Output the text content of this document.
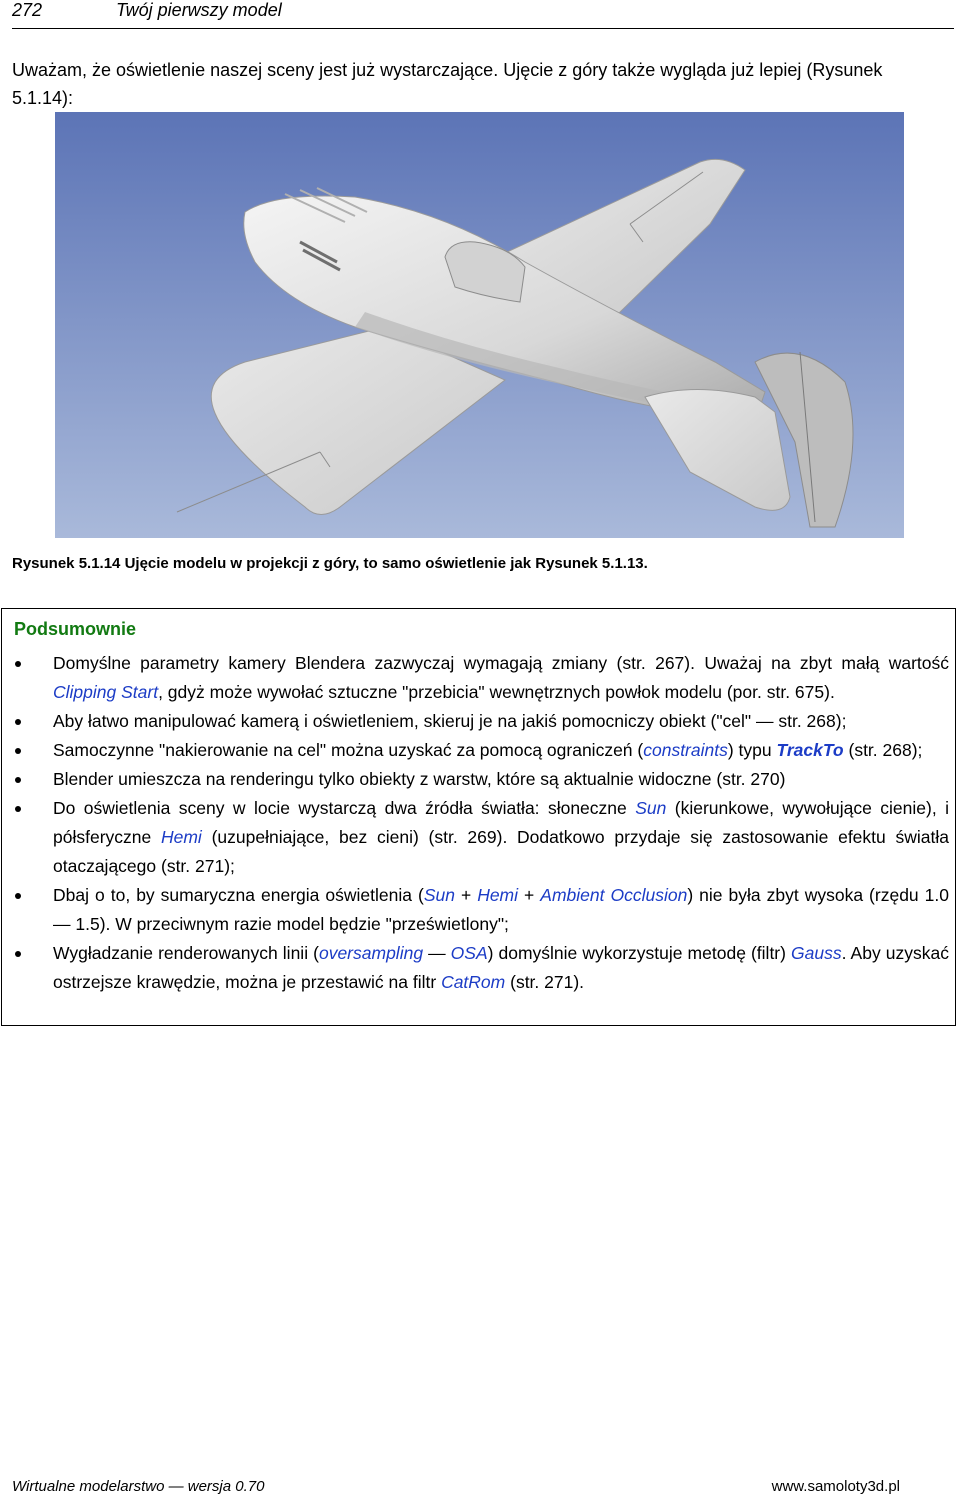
272	Twój pierwszy model

Uważam, że oświetlenie naszej sceny jest już wystarczające. Ujęcie z góry także wygląda już lepiej (Rysunek 5.1.14):

Rysunek 5.1.14 Ujęcie modelu w projekcji z góry, to samo oświetlenie jak Rysunek 5.1.13.
Podsumownie
Domyślne parametry kamery Blendera zazwyczaj wymagają zmiany (str. 267). Uważaj na zbyt małą wartość Clipping Start, gdyż może wywołać sztuczne "przebicia" wewnętrznych powłok modelu (por. str. 675).
Aby łatwo manipulować kamerą i oświetleniem, skieruj je na jakiś pomocniczy obiekt ("cel" — str. 268);
Samoczynne "nakierowanie na cel" można uzyskać za pomocą ograniczeń (constraints) typu TrackTo (str. 268);
Blender umieszcza na renderingu tylko obiekty z warstw, które są aktualnie widoczne (str. 270)
Do oświetlenia sceny w locie wystarczą dwa źródła światła: słoneczne Sun (kierunkowe, wywołujące cienie), i półsferyczne Hemi (uzupełniające, bez cieni) (str. 269). Dodatkowo przydaje się zastosowanie efektu światła otaczającego (str. 271);
Dbaj o to, by sumaryczna energia oświetlenia (Sun + Hemi + Ambient Occlusion) nie była zbyt wysoka (rzędu 1.0 — 1.5). W przeciwnym razie model będzie "prześwietlony";
Wygładzanie renderowanych linii (oversampling — OSA) domyślnie wykorzystuje metodę (filtr) Gauss. Aby uzyskać ostrzejsze krawędzie, można je przestawić na filtr CatRom (str. 271).
Wirtualne modelarstwo — wersja 0.70	www.samoloty3d.pl
